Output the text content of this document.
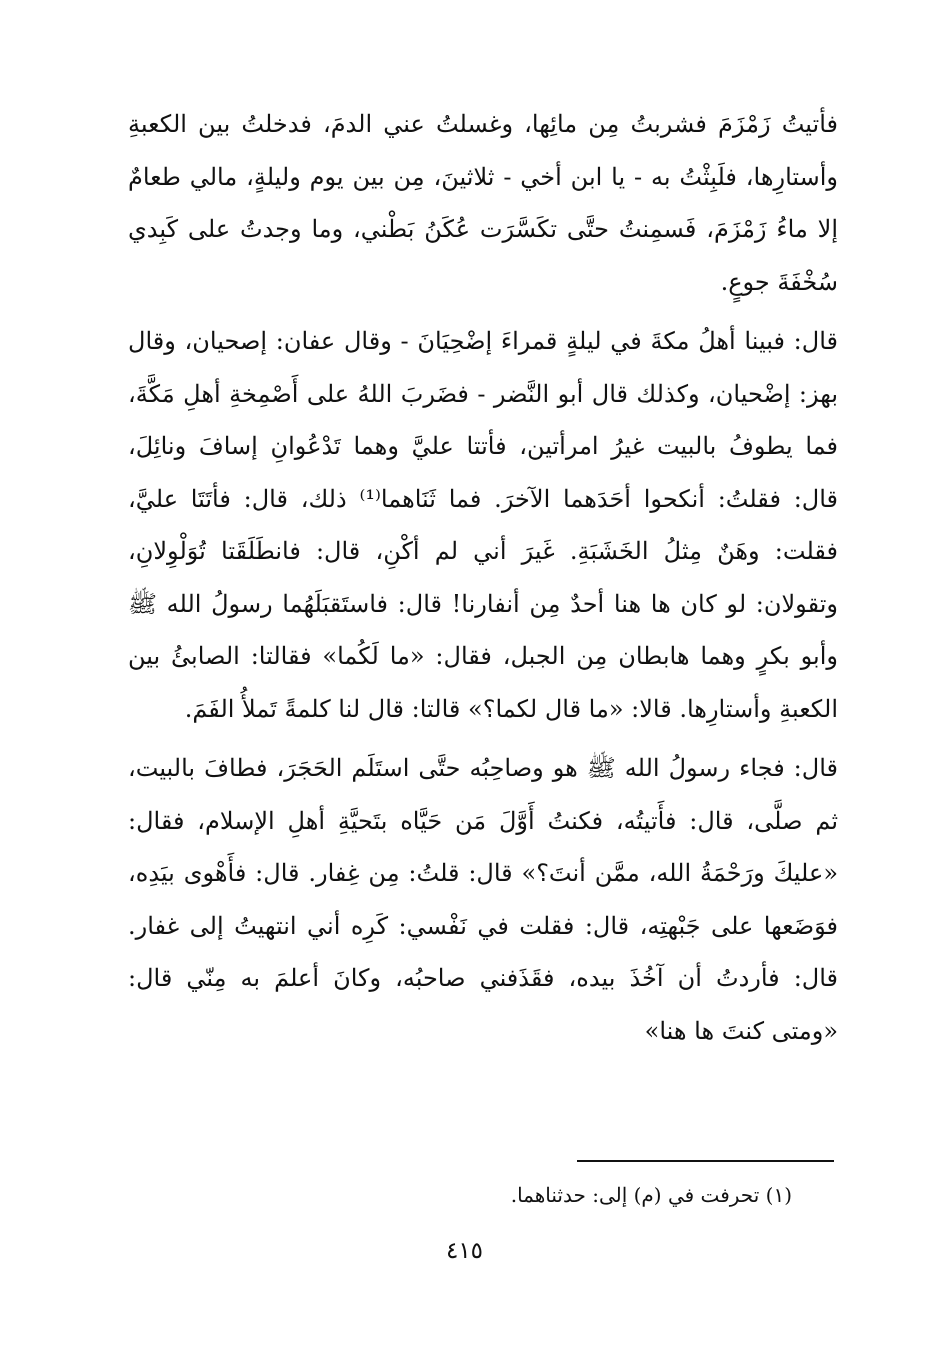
فأتيتُ زَمْزَمَ فشربتُ مِن مائِها، وغسلتُ عني الدمَ، فدخلتُ بين الكعبةِ وأستارِها، فلَبِثْتُ به - يا ابن أخي - ثلاثينَ، مِن بين يوم وليلةٍ، مالي طعامٌ إلا ماءُ زَمْزَمَ، فَسمِنتُ حتَّى تكَسَّرَت عُكَنُ بَطْني، وما وجدتُ على كَبِدي سُخْفَةَ جوعٍ.

قال: فبينا أهلُ مكةَ في ليلةٍ قمراءَ إضْحِيَانَ - وقال عفان: إصحيان، وقال بهز: إضْحيان، وكذلك قال أبو النَّضر - فضَربَ اللهُ على أَصْمِخةِ أهلِ مَكَّةَ، فما يطوفُ بالبيت غيرُ امرأتين، فأتتا عليَّ وهما تَدْعُوانِ إسافَ ونائِلَ، قال: فقلتُ: أنكحوا أحَدَهما الآخرَ. فما ثَنَاهما⁽¹⁾ ذلك، قال: فأتَتَا عليَّ، فقلت: وهَنٌ مِثلُ الخَشَبَةِ. غَيرَ أني لم أكْنِ، قال: فانطَلَقَتا تُوَلْوِلانِ، وتقولان: لو كان ها هنا أحدٌ مِن أنفارنا! قال: فاستَقبَلَهُما رسولُ الله ﷺ وأبو بكرٍ وهما هابطان مِن الجبل، فقال: «ما لَكُما» فقالتا: الصابئُ بين الكعبةِ وأستارِها. قالا: «ما قال لكما؟» قالتا: قال لنا كلمةً تَملأُ الفَمَ.

قال: فجاء رسولُ الله ﷺ هو وصاحِبُه حتَّى استَلَم الحَجَرَ، فطافَ بالبيت، ثم صلَّى، قال: فأَتيتُه، فكنتُ أَوَّلَ مَن حَيَّاه بتَحيَّةِ أهلِ الإسلام، فقال: «عليكَ ورَحْمَةُ الله، ممَّن أنتَ؟» قال: قلتُ: مِن غِفار. قال: فأَهْوى بيَدِه، فوَضَعها على جَبْهتِه، قال: فقلت في نَفْسي: كَرِه أني انتهيتُ إلى غفار. قال: فأردتُ أن آخُذَ بيده، فقَذَفني صاحبُه، وكانَ أعلمَ به مِنّي قال: «ومتى كنتَ ها هنا»

(١) تحرفت في (م) إلى: حدثناهما.
٤١٥
